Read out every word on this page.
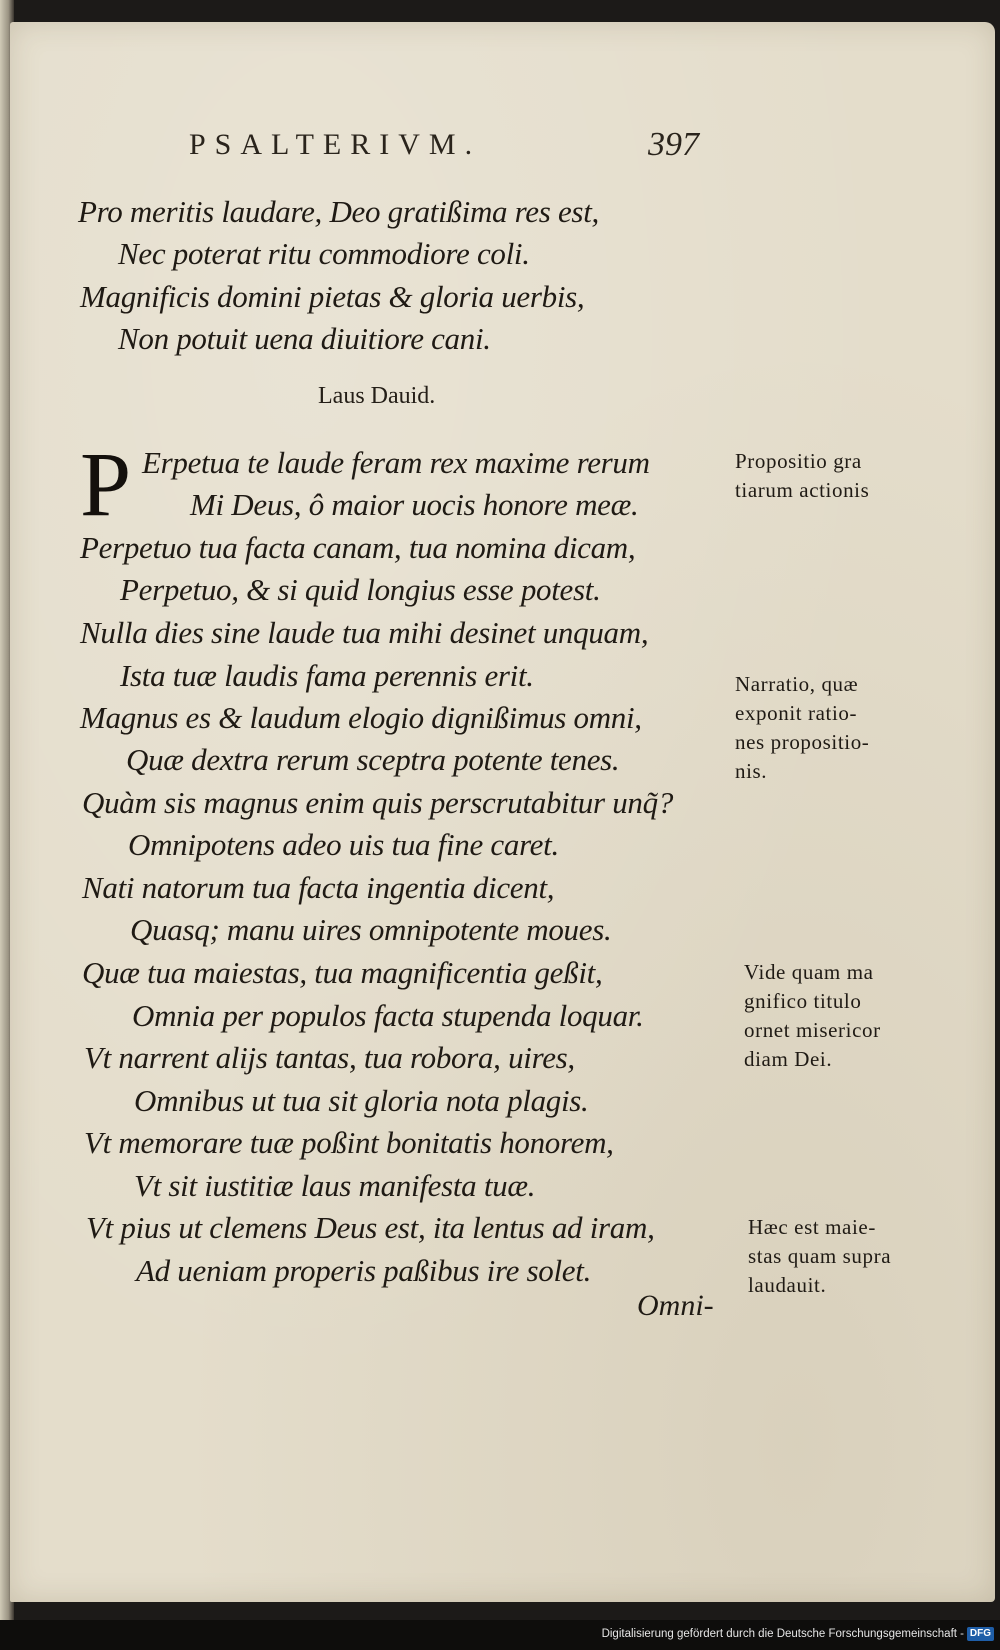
PSALTERIVM.	397
Pro meritis laudare, Deo gratißima res est,
Nec poterat ritu commodiore coli.
Magnificis domini pietas & gloria uerbis,
Non potuit uena diuitiore cani.
Laus Dauid.
P Erpetua te laude feram rex maxime rerum
Mi Deus, ô maior uocis honore meæ.
Perpetuo tua facta canam, tua nomina dicam,
Perpetuo, & si quid longius esse potest.
Nulla dies sine laude tua mihi desinet unquam,
Ista tuæ laudis fama perennis erit.
Magnus es & laudum elogio dignißimus omni,
Quæ dextra rerum sceptra potente tenes.
Quàm sis magnus enim quis perscrutabitur unq̃?
Omnipotens adeo uis tua fine caret.
Nati natorum tua facta ingentia dicent,
Quasq; manu uires omnipotente moues.
Quæ tua maiestas, tua magnificentia geßit,
Omnia per populos facta stupenda loquar.
Vt narrent alijs tantas, tua robora, uires,
Omnibus ut tua sit gloria nota plagis.
Vt memorare tuæ poßint bonitatis honorem,
Vt sit iustitiæ laus manifesta tuæ.
Vt pius ut clemens Deus est, ita lentus ad iram,
Ad ueniam properis paßibus ire solet.
Omni-
Propositio gra
tiarum actionis
Narratio, quæ
exponit ratio-
nes propositio-
nis.
Vide quam ma
gnifico titulo
ornet misericor
diam Dei.
Hæc est maie-
stas quam supra
laudauit.
Digitalisierung gefördert durch die Deutsche Forschungsgemeinschaft - DFG
